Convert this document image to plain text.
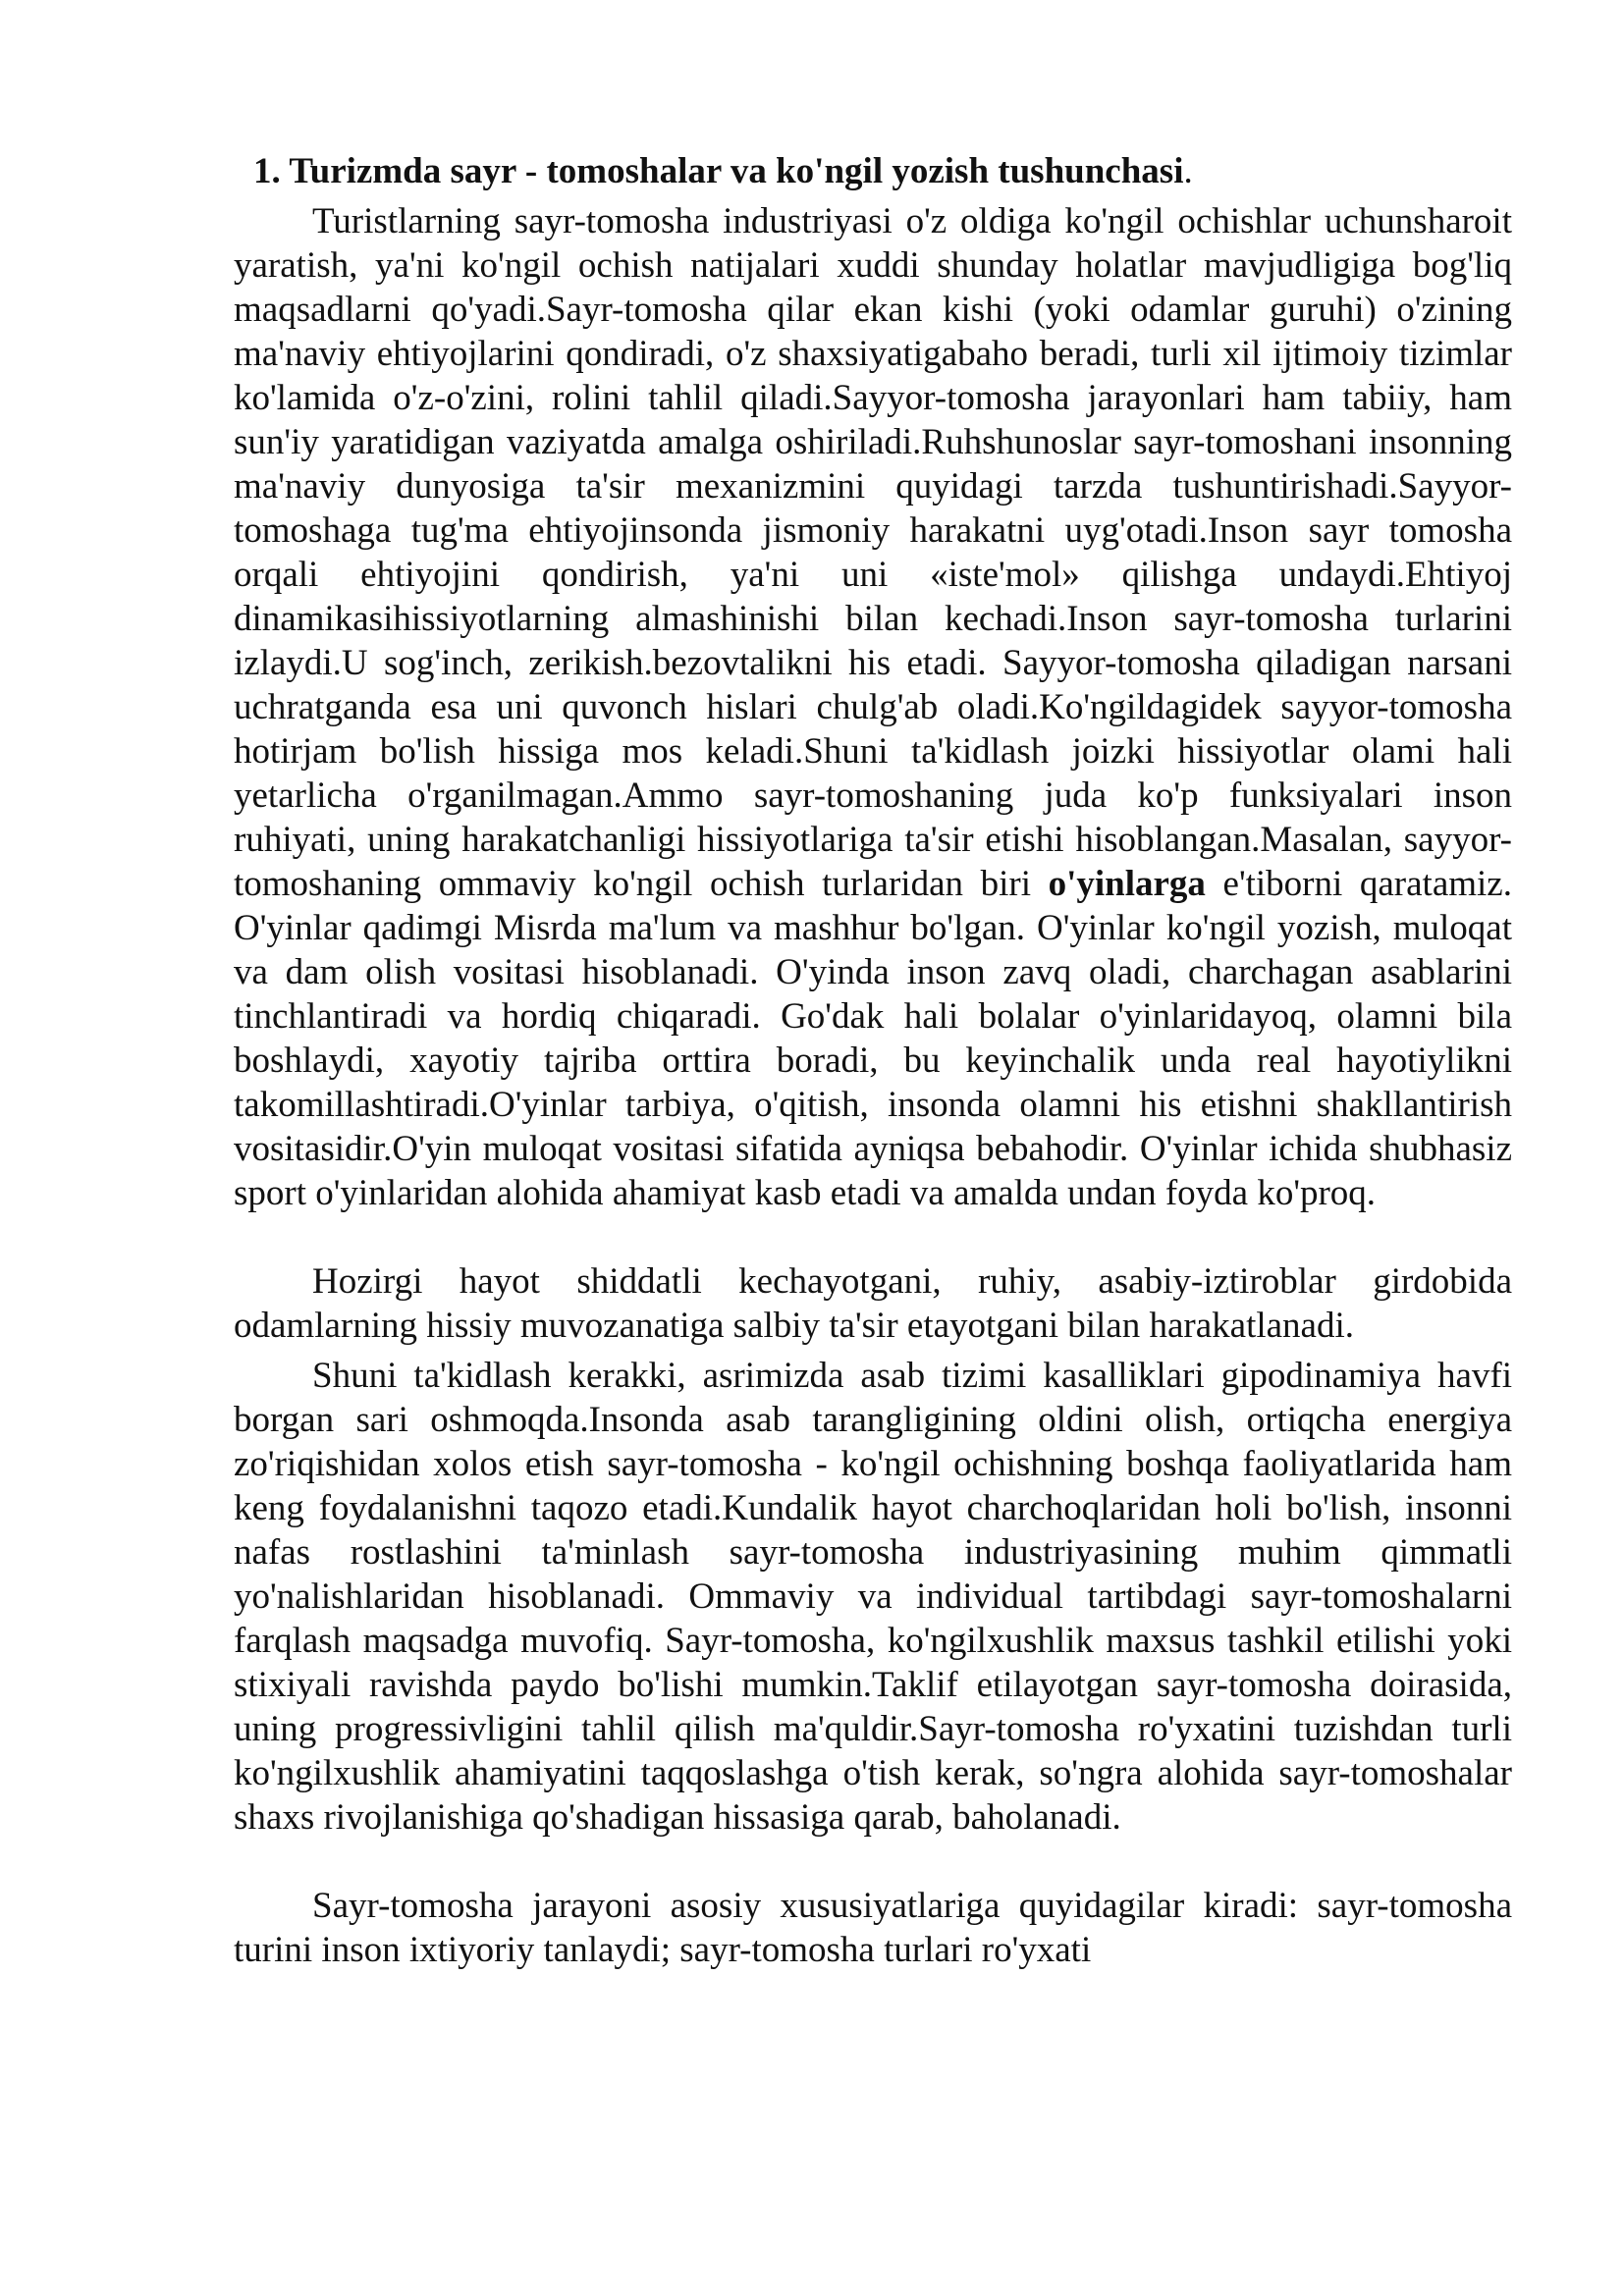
1. Turizmda sayr - tomoshalar va ko'ngil yozish tushunchasi.

Turistlarning sayr-tomosha industriyasi o'z oldiga ko'ngil ochishlar uchunsharoit yaratish, ya'ni ko'ngil ochish natijalari xuddi shunday holatlar mavjudligiga bog'liq maqsadlarni qo'yadi.Sayr-tomosha qilar ekan kishi (yoki odamlar guruhi) o'zining ma'naviy ehtiyojlarini qondiradi, o'z shaxsiyatigabaho beradi, turli xil ijtimoiy tizimlar ko'lamida o'z-o'zini, rolini tahlil qiladi.Sayyor-tomosha jarayonlari ham tabiiy, ham sun'iy yaratidigan vaziyatda amalga oshiriladi.Ruhshunoslar sayr-tomoshani insonning ma'naviy dunyosiga ta'sir mexanizmini quyidagi tarzda tushuntirishadi.Sayyor-tomoshaga tug'ma ehtiyojinsonda jismoniy harakatni uyg'otadi.Inson sayr tomosha orqali ehtiyojini qondirish, ya'ni uni «iste'mol» qilishga undaydi.Ehtiyoj dinamikasihissiyotlarning almashinishi bilan kechadi.Inson sayr-tomosha turlarini izlaydi.U sog'inch, zerikish.bezovtalikni his etadi. Sayyor-tomosha qiladigan narsani uchratganda esa uni quvonch hislari chulg'ab oladi.Ko'ngildagidek sayyor-tomosha hotirjam bo'lish hissiga mos keladi.Shuni ta'kidlash joizki hissiyotlar olami hali yetarlicha o'rganilmagan.Ammo sayr-tomoshaning juda ko'p funksiyalari inson ruhiyati, uning harakatchanligi hissiyotlariga ta'sir etishi hisoblangan.Masalan, sayyor-tomoshaning ommaviy ko'ngil ochish turlaridan biri o'yinlarga e'tiborni qaratamiz. O'yinlar qadimgi Misrda ma'lum va mashhur bo'lgan. O'yinlar ko'ngil yozish, muloqat va dam olish vositasi hisoblanadi. O'yinda inson zavq oladi, charchagan asablarini tinchlantiradi va hordiq chiqaradi. Go'dak hali bolalar o'yinlaridayoq, olamni bila boshlaydi, xayotiy tajriba orttira boradi, bu keyinchalik unda real hayotiylikni takomillashtiradi.O'yinlar tarbiya, o'qitish, insonda olamni his etishni shakllantirish vositasidir.O'yin muloqat vositasi sifatida ayniqsa bebahodir. O'yinlar ichida shubhasiz sport o'yinlaridan alohida ahamiyat kasb etadi va amalda undan foyda ko'proq.

Hozirgi hayot shiddatli kechayotgani, ruhiy, asabiy-iztiroblar girdobida odamlarning hissiy muvozanatiga salbiy ta'sir etayotgani bilan harakatlanadi.

Shuni ta'kidlash kerakki, asrimizda asab tizimi kasalliklari gipodinamiya havfi borgan sari oshmoqda.Insonda asab tarangligining oldini olish, ortiqcha energiya zo'riqishidan xolos etish sayr-tomosha - ko'ngil ochishning boshqa faoliyatlarida ham keng foydalanishni taqozo etadi.Kundalik hayot charchoqlaridan holi bo'lish, insonni nafas rostlashini ta'minlash sayr-tomosha industriyasining muhim qimmatli yo'nalishlaridan hisoblanadi. Ommaviy va individual tartibdagi sayr-tomoshalarni farqlash maqsadga muvofiq. Sayr-tomosha, ko'ngilxushlik maxsus tashkil etilishi yoki stixiyali ravishda paydo bo'lishi mumkin.Taklif etilayotgan sayr-tomosha doirasida, uning progressivligini tahlil qilish ma'quldir.Sayr-tomosha ro'yxatini tuzishdan turli ko'ngilxushlik ahamiyatini taqqoslashga o'tish kerak, so'ngra alohida sayr-tomoshalar shaxs rivojlanishiga qo'shadigan hissasiga qarab, baholanadi.

Sayr-tomosha jarayoni asosiy xususiyatlariga quyidagilar kiradi: sayr-tomosha turini inson ixtiyoriy tanlaydi; sayr-tomosha turlari ro'yxati
